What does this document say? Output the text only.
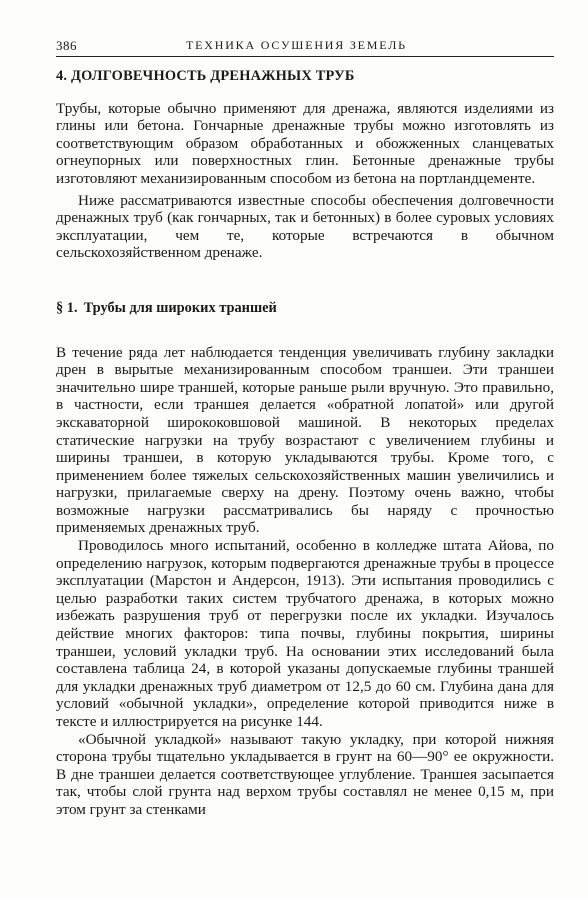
386	ТЕХНИКА ОСУШЕНИЯ ЗЕМЕЛЬ
4. ДОЛГОВЕЧНОСТЬ ДРЕНАЖНЫХ ТРУБ

Трубы, которые обычно применяют для дренажа, являются изделиями из глины или бетона. Гончарные дренажные трубы можно изготовлять из соответствующим образом обработанных и обожженных сланцеватых огнеупорных или поверхностных глин. Бетонные дренажные трубы изготовляют механизированным способом из бетона на портландцементе.

Ниже рассматриваются известные способы обеспечения долговечности дренажных труб (как гончарных, так и бетонных) в более суровых условиях эксплуатации, чем те, которые встречаются в обычном сельскохозяйственном дренаже.

§ 1. Трубы для широких траншей

В течение ряда лет наблюдается тенденция увеличивать глубину закладки дрен в вырытые механизированным способом траншеи. Эти траншеи значительно шире траншей, которые раньше рыли вручную. Это правильно, в частности, если траншея делается «обратной лопатой» или другой экскаваторной ширококовшовой машиной. В некоторых пределах статические нагрузки на трубу возрастают с увеличением глубины и ширины траншеи, в которую укладываются трубы. Кроме того, с применением более тяжелых сельскохозяйственных машин увеличились и нагрузки, прилагаемые сверху на дрену. Поэтому очень важно, чтобы возможные нагрузки рассматривались бы наряду с прочностью применяемых дренажных труб.

Проводилось много испытаний, особенно в колледже штата Айова, по определению нагрузок, которым подвергаются дренажные трубы в процессе эксплуатации (Марстон и Андерсон, 1913). Эти испытания проводились с целью разработки таких систем трубчатого дренажа, в которых можно избежать разрушения труб от перегрузки после их укладки. Изучалось действие многих факторов: типа почвы, глубины покрытия, ширины траншеи, условий укладки труб. На основании этих исследований была составлена таблица 24, в которой указаны допускаемые глубины траншей для укладки дренажных труб диаметром от 12,5 до 60 см. Глубина дана для условий «обычной укладки», определение которой приводится ниже в тексте и иллюстрируется на рисунке 144.

«Обычной укладкой» называют такую укладку, при которой нижняя сторона трубы тщательно укладывается в грунт на 60—90° ее окружности. В дне траншеи делается соответствующее углубление. Траншея засыпается так, чтобы слой грунта над верхом трубы составлял не менее 0,15 м, при этом грунт за стенками
